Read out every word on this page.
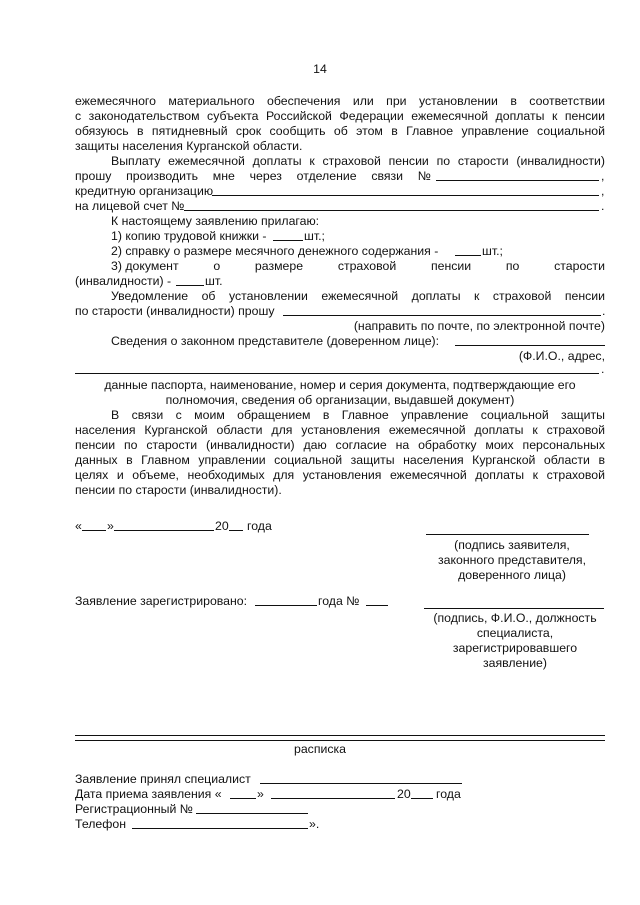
14
ежемесячного материального обеспечения или при установлении в соответствии
с законодательством субъекта Российской Федерации ежемесячной доплаты к пенсии
обязуюсь в пятидневный срок сообщить об этом в Главное управление социальной
защиты населения Курганской области.
Выплату ежемесячной доплаты к страховой пенсии по старости (инвалидности)
прошу производить мне через отделение связи №	,
кредитную организацию	,
на лицевой счет №	.
К настоящему заявлению прилагаю:
1) копию трудовой книжки -	шт.;
2) справку о размере месячного денежного содержания -	шт.;
3) документ	о	размере	страховой	пенсии	по	старости
(инвалидности) -	шт.
Уведомление об установлении ежемесячной доплаты к страховой пенсии
по старости (инвалидности) прошу	.
(направить по почте, по электронной почте)
Сведения о законном представителе (доверенном лице):
(Ф.И.О., адрес,
.
данные паспорта, наименование, номер и серия документа, подтверждающие его
полномочия, сведения об организации, выдавшей документ)
В связи с моим обращением в Главное управление социальной защиты
населения Курганской области для установления ежемесячной доплаты к страховой
пенсии по старости (инвалидности) даю согласие на обработку моих персональных
данных в Главном управлении социальной защиты населения Курганской области в
целях и объеме, необходимых для установления ежемесячной доплаты к страховой
пенсии по старости (инвалидности).
« »	20 года
(подпись заявителя,
законного представителя,
доверенного лица)
Заявление зарегистрировано:	года №
(подпись, Ф.И.О., должность
специалиста,
зарегистрировавшего
заявление)
расписка
Заявление принял специалист
Дата приема заявления «	»	20 года
Регистрационный №
Телефон	».
